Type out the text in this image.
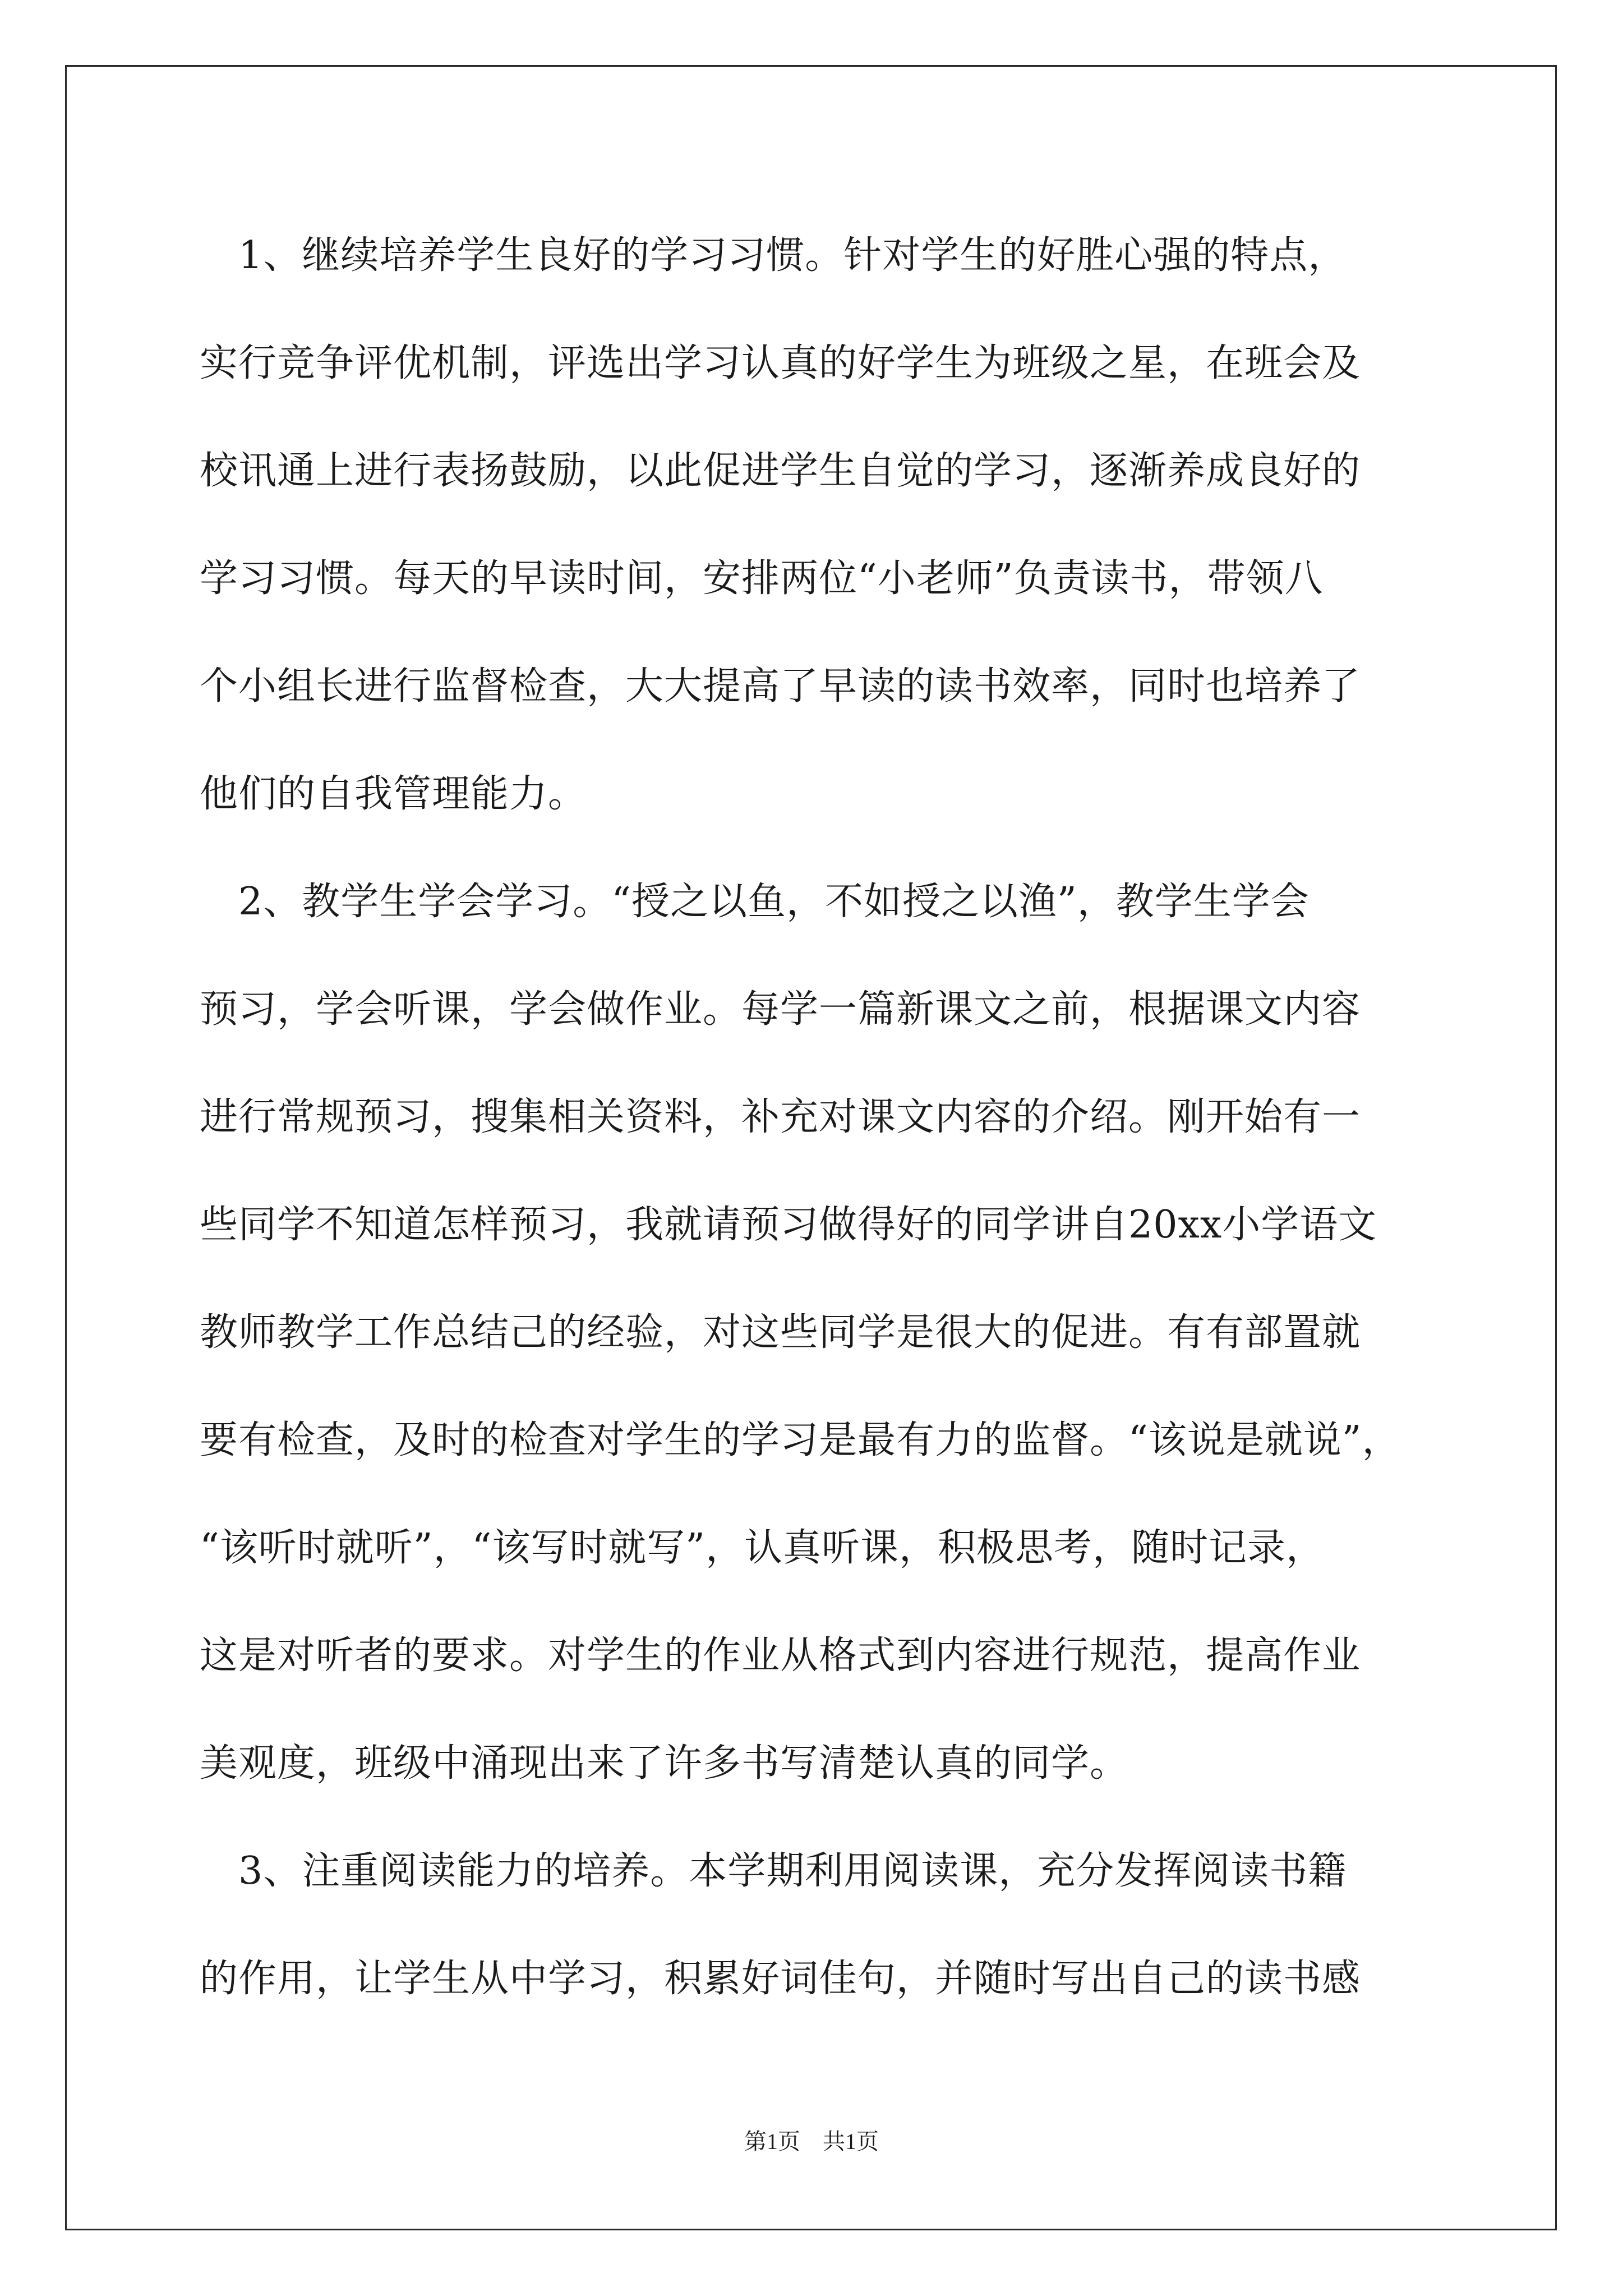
　1、继续培养学生良好的学习习惯。针对学生的好胜心强的特点，
实行竞争评优机制，评选出学习认真的好学生为班级之星，在班会及
校讯通上进行表扬鼓励，以此促进学生自觉的学习，逐渐养成良好的
学习习惯。每天的早读时间，安排两位“小老师”负责读书，带领八
个小组长进行监督检查，大大提高了早读的读书效率，同时也培养了
他们的自我管理能力。
　2、教学生学会学习。“授之以鱼，不如授之以渔”，教学生学会
预习，学会听课，学会做作业。每学一篇新课文之前，根据课文内容
进行常规预习，搜集相关资料，补充对课文内容的介绍。刚开始有一
些同学不知道怎样预习，我就请预习做得好的同学讲自20xx小学语文
教师教学工作总结己的经验，对这些同学是很大的促进。有有部置就
要有检查，及时的检查对学生的学习是最有力的监督。“该说是就说”，
“该听时就听”，“该写时就写”，认真听课，积极思考，随时记录，
这是对听者的要求。对学生的作业从格式到内容进行规范，提高作业
美观度，班级中涌现出来了许多书写清楚认真的同学。
　3、注重阅读能力的培养。本学期利用阅读课，充分发挥阅读书籍
的作用，让学生从中学习，积累好词佳句，并随时写出自己的读书感
第1页　共1页
